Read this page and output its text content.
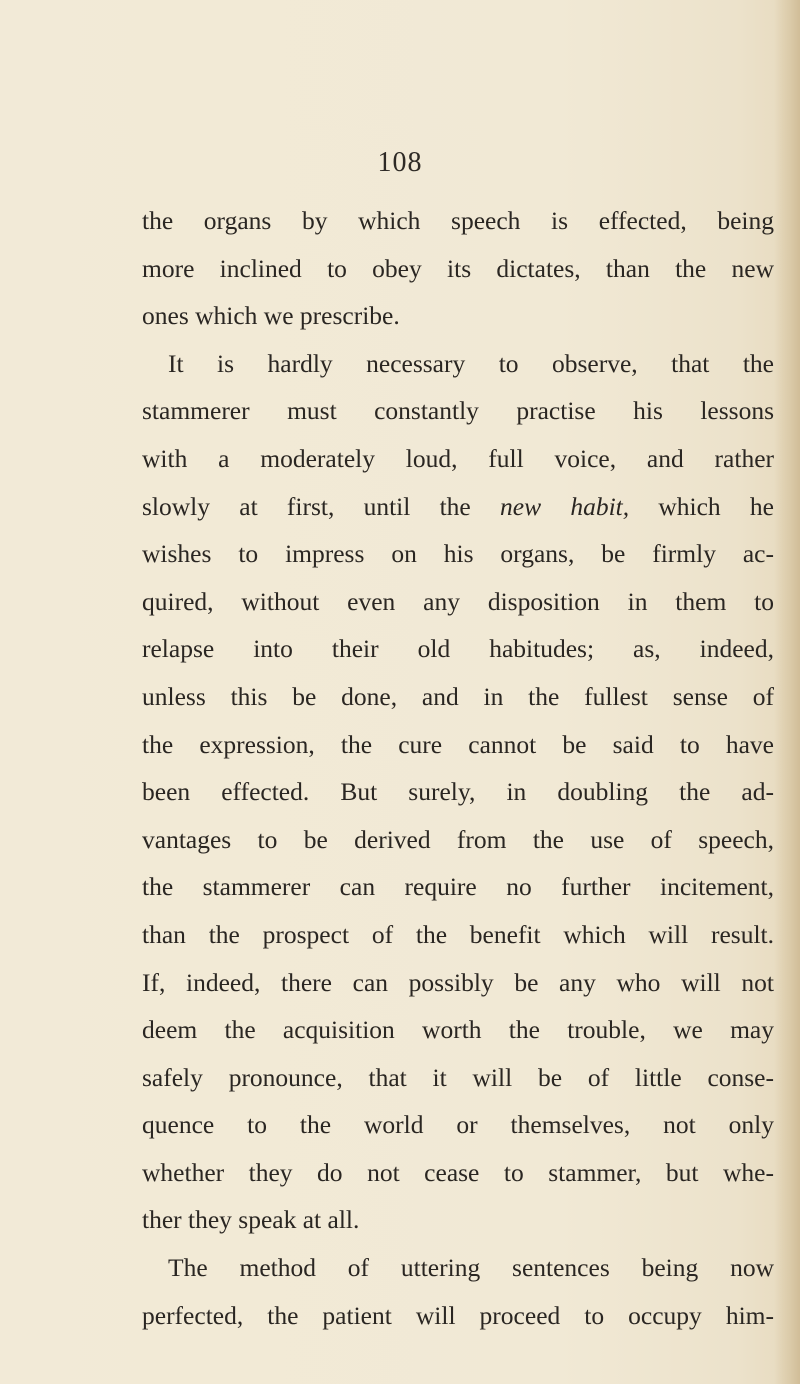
108
the organs by which speech is effected, being
more inclined to obey its dictates, than the new
ones which we prescribe.
It is hardly necessary to observe, that the
stammerer must constantly practise his lessons
with a moderately loud, full voice, and rather
slowly at first, until the new habit, which he
wishes to impress on his organs, be firmly ac-
quired, without even any disposition in them to
relapse into their old habitudes; as, indeed,
unless this be done, and in the fullest sense of
the expression, the cure cannot be said to have
been effected. But surely, in doubling the ad-
vantages to be derived from the use of speech,
the stammerer can require no further incitement,
than the prospect of the benefit which will result.
If, indeed, there can possibly be any who will not
deem the acquisition worth the trouble, we may
safely pronounce, that it will be of little conse-
quence to the world or themselves, not only
whether they do not cease to stammer, but whe-
ther they speak at all.
The method of uttering sentences being now
perfected, the patient will proceed to occupy him-
